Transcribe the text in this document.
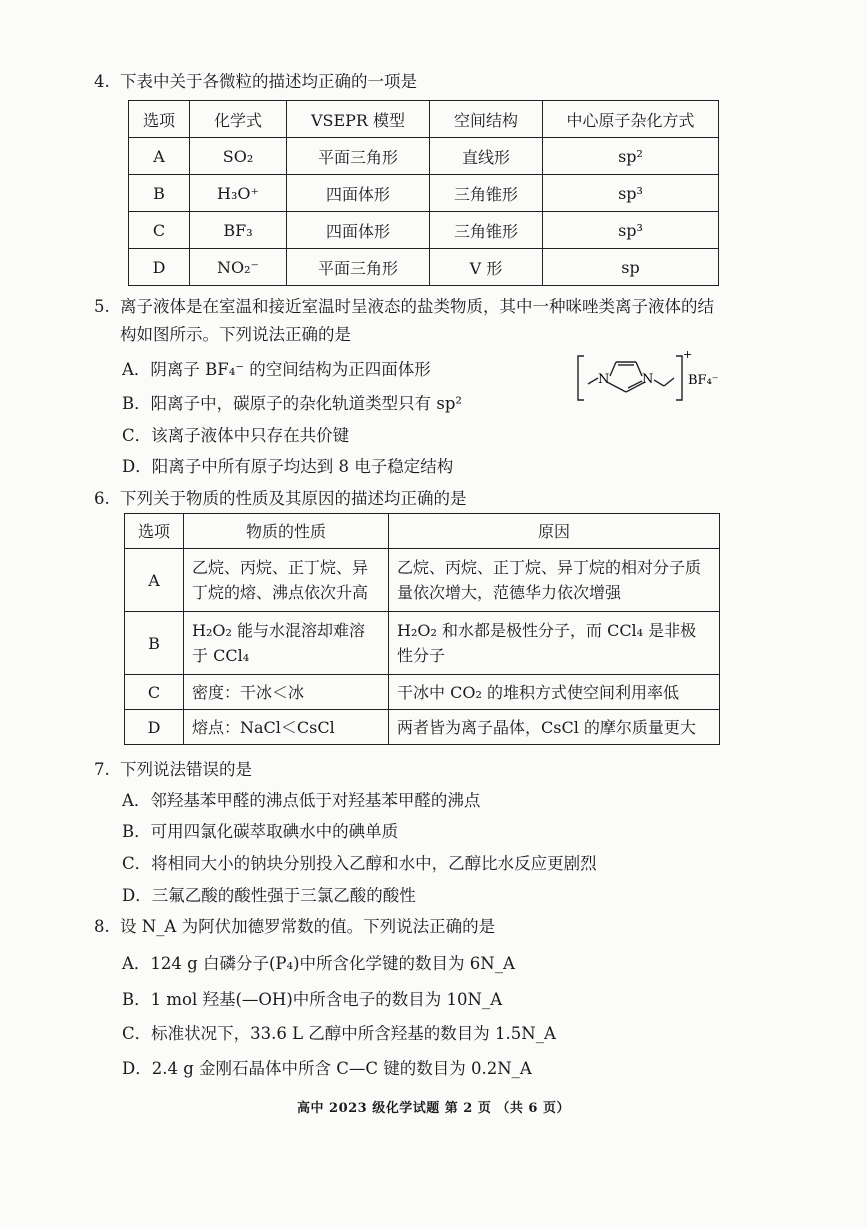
4. 下表中关于各微粒的描述均正确的一项是
选项	化学式	VSEPR 模型	空间结构	中心原子杂化方式
A	SO₂	平面三角形	直线形	sp²
B	H₃O⁺	四面体形	三角锥形	sp³
C	BF₃	四面体形	三角锥形	sp³
D	NO₂⁻	平面三角形	V 形	sp
5. 离子液体是在室温和接近室温时呈液态的盐类物质，其中一种咪唑类离子液体的结
构如图所示。下列说法正确的是
A．阴离子 BF₄⁻ 的空间结构为正四面体形
B．阳离子中，碳原子的杂化轨道类型只有 sp²
C．该离子液体中只存在共价键
D．阳离子中所有原子均达到 8 电子稳定结构
N	N
+
BF₄⁻
6. 下列关于物质的性质及其原因的描述均正确的是
选项	物质的性质	原因
A	乙烷、丙烷、正丁烷、异丁烷的熔、沸点依次升高	乙烷、丙烷、正丁烷、异丁烷的相对分子质量依次增大，范德华力依次增强
B	H₂O₂ 能与水混溶却难溶于 CCl₄	H₂O₂ 和水都是极性分子，而 CCl₄ 是非极性分子
C	密度：干冰＜冰	干冰中 CO₂ 的堆积方式使空间利用率低
D	熔点：NaCl＜CsCl	两者皆为离子晶体，CsCl 的摩尔质量更大
7. 下列说法错误的是
A．邻羟基苯甲醛的沸点低于对羟基苯甲醛的沸点
B．可用四氯化碳萃取碘水中的碘单质
C．将相同大小的钠块分别投入乙醇和水中，乙醇比水反应更剧烈
D．三氟乙酸的酸性强于三氯乙酸的酸性
8. 设 N_A 为阿伏加德罗常数的值。下列说法正确的是
A．124 g 白磷分子(P₄)中所含化学键的数目为 6N_A
B．1 mol 羟基(—OH)中所含电子的数目为 10N_A
C．标准状况下，33.6 L 乙醇中所含羟基的数目为 1.5N_A
D．2.4 g 金刚石晶体中所含 C—C 键的数目为 0.2N_A
高中 2023 级化学试题 第 2 页 （共 6 页）
